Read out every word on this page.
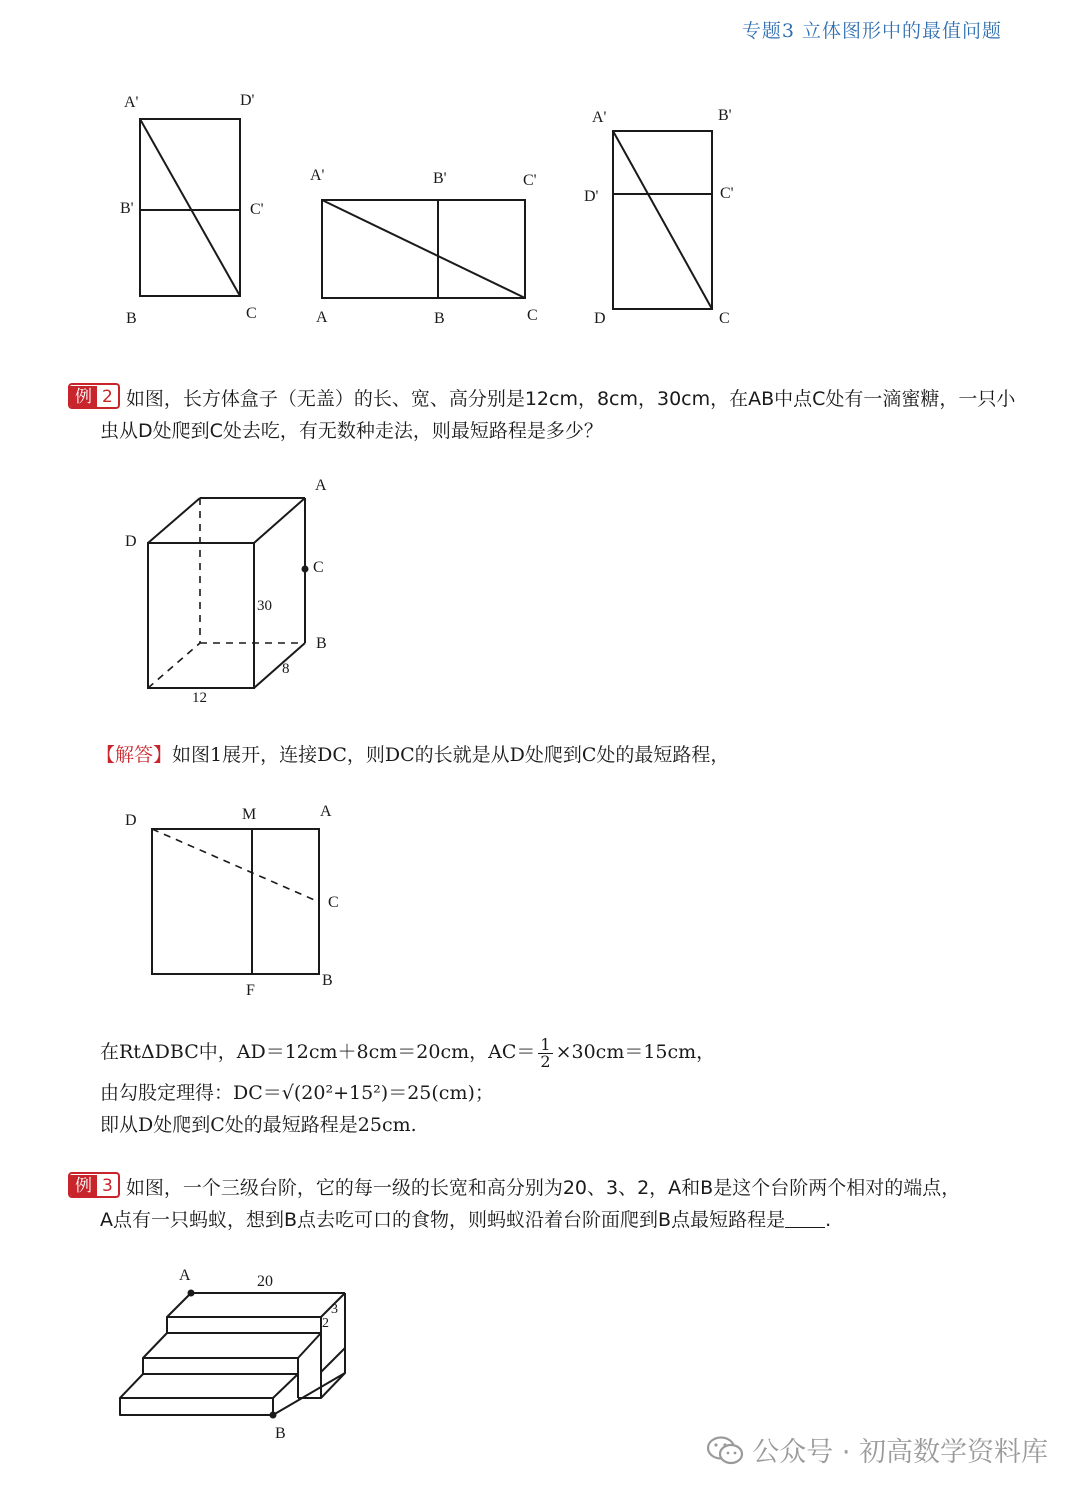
专题3 立体图形中的最值问题
A'	D'
B'	C'
B	C
A'	B'	C'
A	B	C
A'	B'
D'	C'
D	C
例 2 如图，长方体盒子（无盖）的长、宽、高分别是12cm，8cm，30cm，在AB中点C处有一滴蜜糖，一只小
虫从D处爬到C处去吃，有无数种走法，则最短路程是多少？
A
D
C
30
B
8
12
【解答】如图1展开，连接DC，则DC的长就是从D处爬到C处的最短路程，
D	M	A
C
B
F
在RtΔDBC中，AD＝12cm＋8cm＝20cm，$AC= \frac{1}{2} \times 30cm=15cm$，
由勾股定理得：DC＝√(20²+15²)＝25(cm)；
即从D处爬到C处的最短路程是25cm.
例 3 如图，一个三级台阶，它的每一级的长宽和高分别为20、3、2，A和B是这个台阶两个相对的端点，
A点有一只蚂蚁，想到B点去吃可口的食物，则蚂蚁沿着台阶面爬到B点最短路程是 .
A	20
3
2
B
公众号 · 初高数学资料库
